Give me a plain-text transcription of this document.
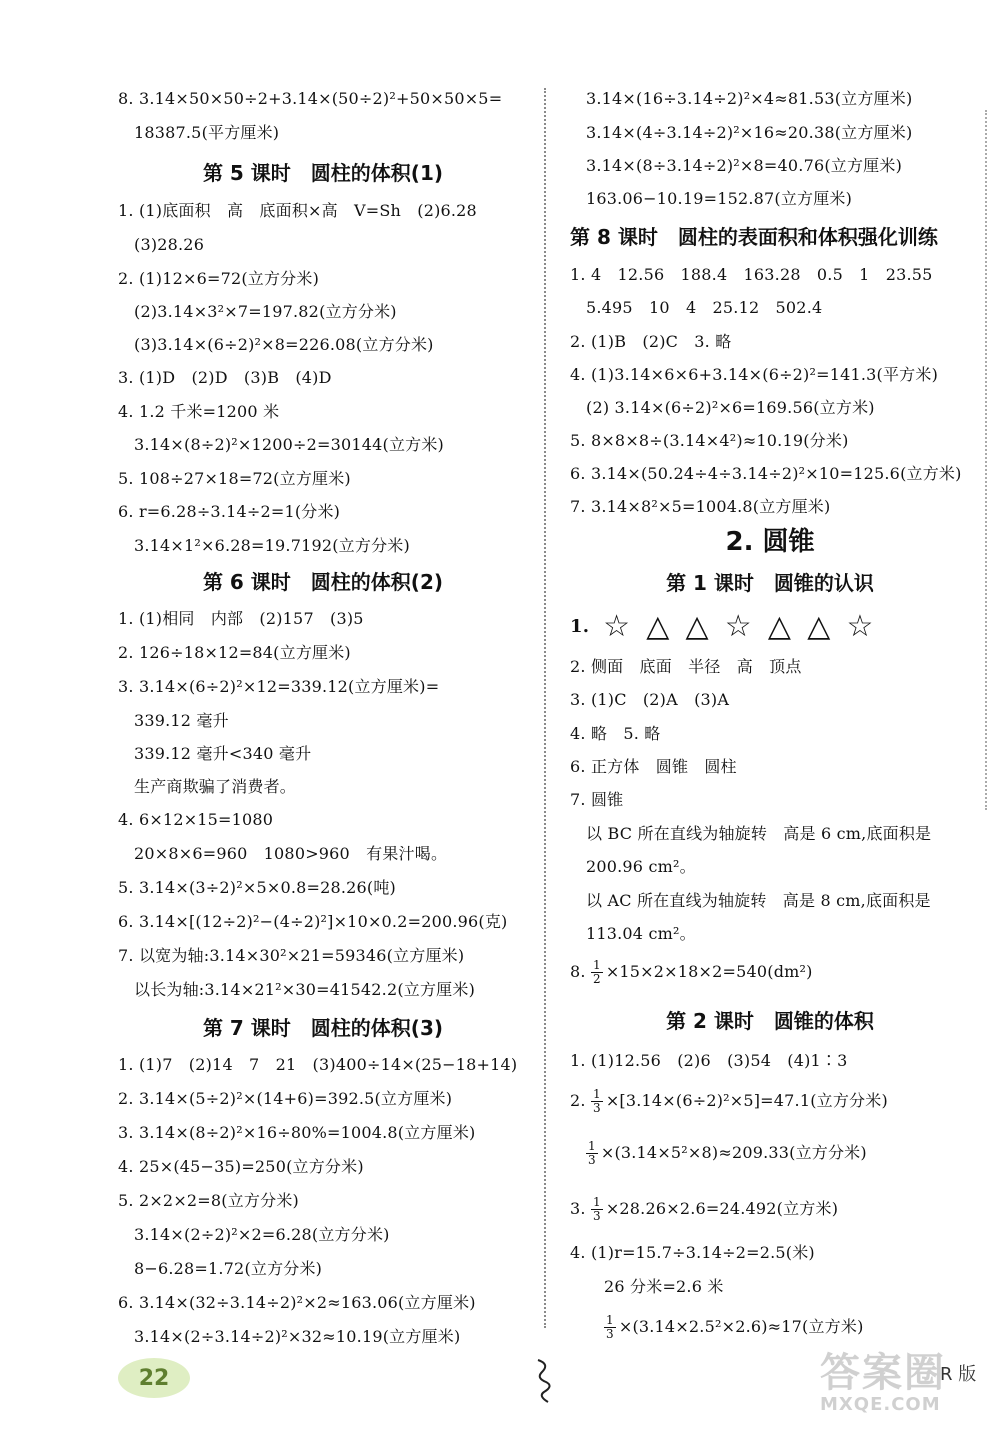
8. 3.14×50×50÷2+3.14×(50÷2)²+50×50×5=
18387.5(平方厘米)
第 5 课时　圆柱的体积(1)
1. (1)底面积　高　底面积×高　V=Sh　(2)6.28
(3)28.26
2. (1)12×6=72(立方分米)
(2)3.14×3²×7=197.82(立方分米)
(3)3.14×(6÷2)²×8=226.08(立方分米)
3. (1)D　(2)D　(3)B　(4)D
4. 1.2 千米=1200 米
3.14×(8÷2)²×1200÷2=30144(立方米)
5. 108÷27×18=72(立方厘米)
6. r=6.28÷3.14÷2=1(分米)
3.14×1²×6.28=19.7192(立方分米)
第 6 课时　圆柱的体积(2)
1. (1)相同　内部　(2)157　(3)5
2. 126÷18×12=84(立方厘米)
3. 3.14×(6÷2)²×12=339.12(立方厘米)=
339.12 毫升
339.12 毫升<340 毫升
生产商欺骗了消费者。
4. 6×12×15=1080
20×8×6=960　1080>960　有果汁喝。
5. 3.14×(3÷2)²×5×0.8=28.26(吨)
6. 3.14×[(12÷2)²−(4÷2)²]×10×0.2=200.96(克)
7. 以宽为轴:3.14×30²×21=59346(立方厘米)
以长为轴:3.14×21²×30=41542.2(立方厘米)
第 7 课时　圆柱的体积(3)
1. (1)7　(2)14　7　21　(3)400÷14×(25−18+14)
2. 3.14×(5÷2)²×(14+6)=392.5(立方厘米)
3. 3.14×(8÷2)²×16÷80%=1004.8(立方厘米)
4. 25×(45−35)=250(立方分米)
5. 2×2×2=8(立方分米)
3.14×(2÷2)²×2=6.28(立方分米)
8−6.28=1.72(立方分米)
6. 3.14×(32÷3.14÷2)²×2≈163.06(立方厘米)
3.14×(2÷3.14÷2)²×32≈10.19(立方厘米)
3.14×(16÷3.14÷2)²×4≈81.53(立方厘米)
3.14×(4÷3.14÷2)²×16≈20.38(立方厘米)
3.14×(8÷3.14÷2)²×8=40.76(立方厘米)
163.06−10.19=152.87(立方厘米)
第 8 课时　圆柱的表面积和体积强化训练
1. 4　12.56　188.4　163.28　0.5　1　23.55
5.495　10　4　25.12　502.4
2. (1)B　(2)C　3. 略
4. (1)3.14×6×6+3.14×(6÷2)²=141.3(平方米)
(2) 3.14×(6÷2)²×6=169.56(立方米)
5. 8×8×8÷(3.14×4²)≈10.19(分米)
6. 3.14×(50.24÷4÷3.14÷2)²×10=125.6(立方米)
7. 3.14×8²×5=1004.8(立方厘米)
2. 圆锥
第 1 课时　圆锥的认识
1. ☆ △ △ ☆ △ △ ☆
2. 侧面　底面　半径　高　顶点
3. (1)C　(2)A　(3)A
4. 略　5. 略
6. 正方体　圆锥　圆柱
7. 圆锥
以 BC 所在直线为轴旋转　高是 6 cm,底面积是
200.96 cm²。
以 AC 所在直线为轴旋转　高是 8 cm,底面积是
113.04 cm²。
8. $\frac{1}{2} \times 15\times 2\times 18\times 2=540(dm^2)$
第 2 课时　圆锥的体积
1. (1)12.56　(2)6　(3)54　(4)1∶3
2. $\frac{1}{3} \times[3.14\times(6\div 2)^2\times 5]=47.1$(立方分米)
$\frac{1}{3} \times(3.14\times 5^2\times 8)\approx 209.33$(立方分米)
3. $\frac{1}{3} \times 28.26\times 2.6=24.492$(立方米)
4. (1)r=15.7÷3.14÷2=2.5(米)
26 分米=2.6 米
$\frac{1}{3} \times(3.14\times 2.5^2\times 2.6)\approx 17$(立方米)
22	答案圈
MXQE.COM
R 版
